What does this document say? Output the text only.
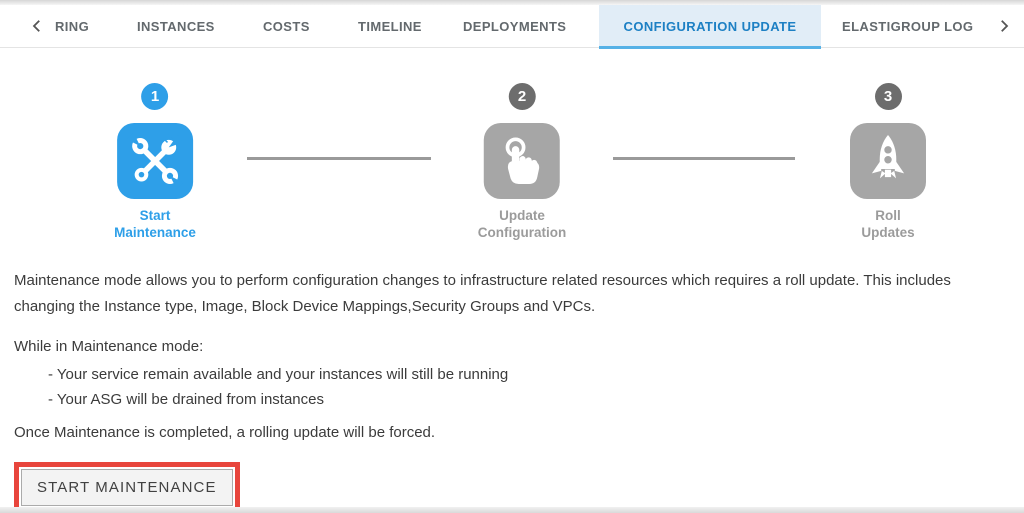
RING	INSTANCES	COSTS	TIMELINE	DEPLOYMENTS	CONFIGURATION UPDATE	ELASTIGROUP LOG
1
Start
Maintenance
2
Update
Configuration
3
Roll
Updates
Maintenance mode allows you to perform configuration changes to infrastructure related resources which requires a roll update. This includes changing the Instance type, Image, Block Device Mappings,Security Groups and VPCs.
While in Maintenance mode:
- Your service remain available and your instances will still be running
- Your ASG will be drained from instances
Once Maintenance is completed, a rolling update will be forced.
START MAINTENANCE
